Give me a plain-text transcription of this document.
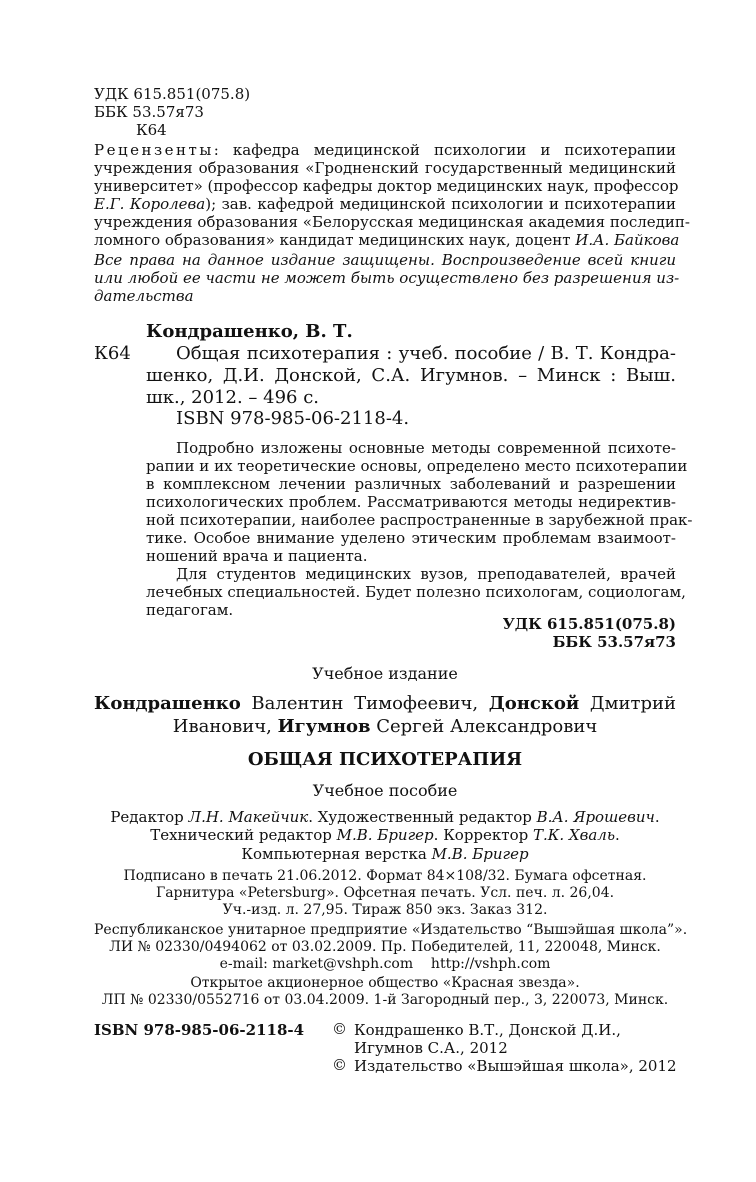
УДК 615.851(075.8)
ББК 53.57я73
К64
Рецензенты: кафедра медицинской психологии и психотерапии
учреждения образования «Гродненский государственный медицинский
университет» (профессор кафедры доктор медицинских наук, профессор
Е.Г. Королева); зав. кафедрой медицинской психологии и психотерапии
учреждения образования «Белорусская медицинская академия последип-
ломного образования» кандидат медицинских наук, доцент И.А. Байкова
Все права на данное издание защищены. Воспроизведение всей книги
или любой ее части не может быть осуществлено без разрешения из-
дательства
Кондрашенко, В. Т.
К64	Общая психотерапия : учеб. пособие / В. Т. Кондра-
шенко, Д.И. Донской, С.А. Игумнов. – Минск : Выш.
шк., 2012. – 496 с.
ISBN 978-985-06-2118-4.
Подробно изложены основные методы современной психоте-
рапии и их теоретические основы, определено место психотерапии
в комплексном лечении различных заболеваний и разрешении
психологических проблем. Рассматриваются методы недиректив-
ной психотерапии, наиболее распространенные в зарубежной прак-
тике. Особое внимание уделено этическим проблемам взаимоот-
ношений врача и пациента.
Для студентов медицинских вузов, преподавателей, врачей
лечебных специальностей. Будет полезно психологам, социологам,
педагогам.
УДК 615.851(075.8)
ББК 53.57я73
Учебное издание
Кондрашенко Валентин Тимофеевич, Донской Дмитрий
Иванович, Игумнов Сергей Александрович
ОБЩАЯ ПСИХОТЕРАПИЯ
Учебное пособие
Редактор Л.Н. Макейчик. Художественный редактор В.А. Ярошевич.
Технический редактор М.В. Бригер. Корректор Т.К. Хваль.
Компьютерная верстка М.В. Бригер
Подписано в печать 21.06.2012. Формат 84×108/32. Бумага офсетная.
Гарнитура «Petersburg». Офсетная печать. Усл. печ. л. 26,04.
Уч.-изд. л. 27,95. Тираж 850 экз. Заказ 312.
Республиканское унитарное предприятие «Издательство “Вышэйшая школа”».
ЛИ № 02330/0494062 от 03.02.2009. Пр. Победителей, 11, 220048, Минск.
e-mail: market@vshph.com    http://vshph.com
Открытое акционерное общество «Красная звезда».
ЛП № 02330/0552716 от 03.04.2009. 1-й Загородный пер., 3, 220073, Минск.
ISBN 978-985-06-2118-4 © Кондрашенко В.Т., Донской Д.И.,
Игумнов С.А., 2012
© Издательство «Вышэйшая школа», 2012
